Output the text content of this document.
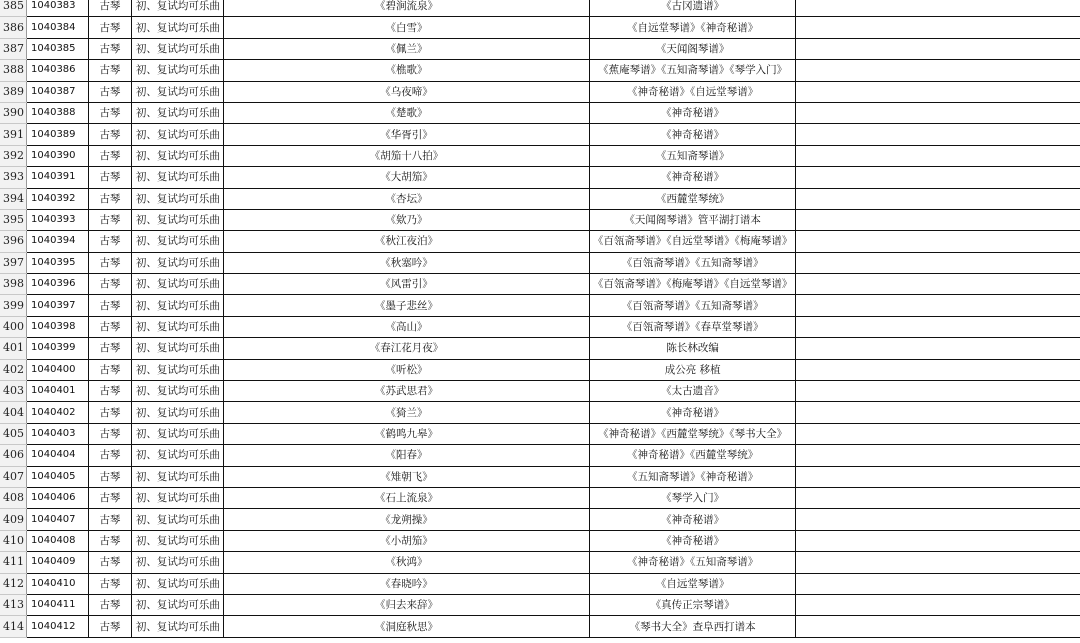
385	1040383	古琴	初、复试均可乐曲	《碧涧流泉》	《古冈遗谱》	
386	1040384	古琴	初、复试均可乐曲	《白雪》	《自远堂琴谱》《神奇秘谱》	
387	1040385	古琴	初、复试均可乐曲	《佩兰》	《天闻阁琴谱》	
388	1040386	古琴	初、复试均可乐曲	《樵歌》	《蕉庵琴谱》《五知斋琴谱》《琴学入门》	
389	1040387	古琴	初、复试均可乐曲	《乌夜啼》	《神奇秘谱》《自远堂琴谱》	
390	1040388	古琴	初、复试均可乐曲	《楚歌》	《神奇秘谱》	
391	1040389	古琴	初、复试均可乐曲	《华胥引》	《神奇秘谱》	
392	1040390	古琴	初、复试均可乐曲	《胡笳十八拍》	《五知斋琴谱》	
393	1040391	古琴	初、复试均可乐曲	《大胡笳》	《神奇秘谱》	
394	1040392	古琴	初、复试均可乐曲	《杏坛》	《西麓堂琴统》	
395	1040393	古琴	初、复试均可乐曲	《欸乃》	《天闻阁琴谱》管平湖打谱本	
396	1040394	古琴	初、复试均可乐曲	《秋江夜泊》	《百瓴斋琴谱》《自远堂琴谱》《梅庵琴谱》	
397	1040395	古琴	初、复试均可乐曲	《秋塞吟》	《百瓴斋琴谱》《五知斋琴谱》	
398	1040396	古琴	初、复试均可乐曲	《风雷引》	《百瓴斋琴谱》《梅庵琴谱》《自远堂琴谱》	
399	1040397	古琴	初、复试均可乐曲	《墨子悲丝》	《百瓴斋琴谱》《五知斋琴谱》	
400	1040398	古琴	初、复试均可乐曲	《高山》	《百瓴斋琴谱》《春草堂琴谱》	
401	1040399	古琴	初、复试均可乐曲	《春江花月夜》	陈长林改编	
402	1040400	古琴	初、复试均可乐曲	《听松》	成公亮 移植	
403	1040401	古琴	初、复试均可乐曲	《苏武思君》	《太古遗音》	
404	1040402	古琴	初、复试均可乐曲	《猗兰》	《神奇秘谱》	
405	1040403	古琴	初、复试均可乐曲	《鹤鸣九皋》	《神奇秘谱》《西麓堂琴统》《琴书大全》	
406	1040404	古琴	初、复试均可乐曲	《阳春》	《神奇秘谱》《西麓堂琴统》	
407	1040405	古琴	初、复试均可乐曲	《雉朝飞》	《五知斋琴谱》《神奇秘谱》	
408	1040406	古琴	初、复试均可乐曲	《石上流泉》	《琴学入门》	
409	1040407	古琴	初、复试均可乐曲	《龙朔操》	《神奇秘谱》	
410	1040408	古琴	初、复试均可乐曲	《小胡笳》	《神奇秘谱》	
411	1040409	古琴	初、复试均可乐曲	《秋鸿》	《神奇秘谱》《五知斋琴谱》	
412	1040410	古琴	初、复试均可乐曲	《春晓吟》	《自远堂琴谱》	
413	1040411	古琴	初、复试均可乐曲	《归去来辞》	《真传正宗琴谱》	
414	1040412	古琴	初、复试均可乐曲	《洞庭秋思》	《琴书大全》查阜西打谱本	
